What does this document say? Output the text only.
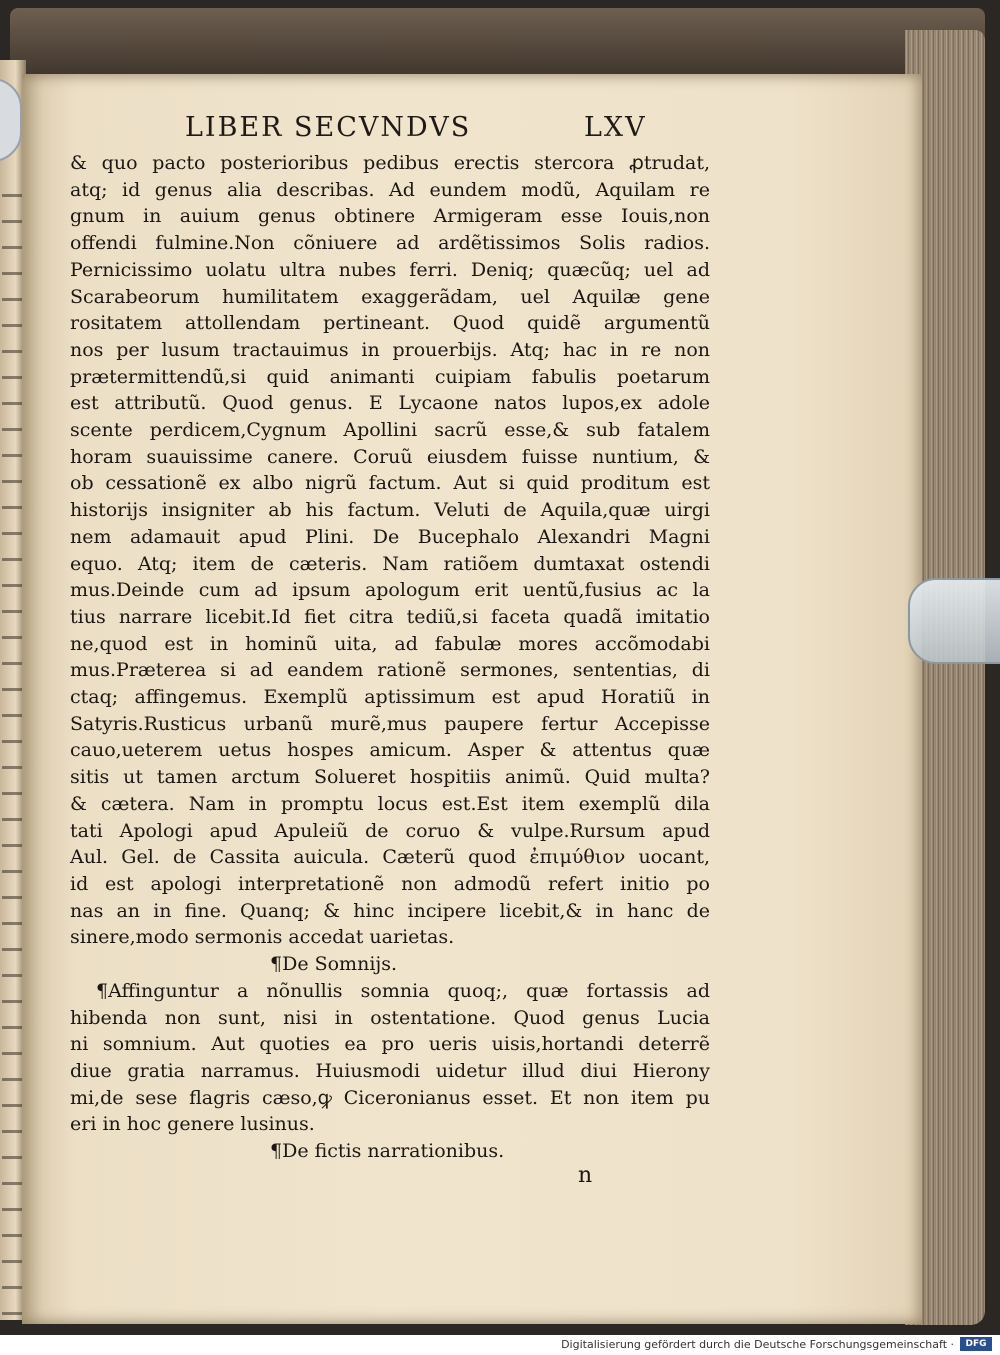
LIBER SECVNDVS	LXV
& quo pacto posterioribus pedibus erectis stercora ꝓtrudat,
atq; id genus alia describas. Ad eundem modũ, Aquilam re
gnum in auium genus obtinere Armigeram esse Iouis,non
offendi fulmine.Non cõniuere ad ardẽtissimos Solis radios.
Pernicissimo uolatu ultra nubes ferri. Deniq; quæcũq; uel ad
Scarabeorum humilitatem exaggerãdam, uel Aquilæ gene
rositatem attollendam pertineant. Quod quidẽ argumentũ
nos per lusum tractauimus in prouerbijs. Atq; hac in re non
prætermittendũ,si quid animanti cuipiam fabulis poetarum
est attributũ. Quod genus. E Lycaone natos lupos,ex adole
scente perdicem,Cygnum Apollini sacrũ esse,& sub fatalem
horam suauissime canere. Coruũ eiusdem fuisse nuntium, &
ob cessationẽ ex albo nigrũ factum. Aut si quid proditum est
historijs insigniter ab his factum. Veluti de Aquila,quæ uirgi
nem adamauit apud Plini. De Bucephalo Alexandri Magni
equo. Atq; item de cæteris. Nam ratiõem dumtaxat ostendi
mus.Deinde cum ad ipsum apologum erit uentũ,fusius ac la
tius narrare licebit.Id fiet citra tediũ,si faceta quadã imitatio
ne,quod est in hominũ uita, ad fabulæ mores accõmodabi
mus.Præterea si ad eandem rationẽ sermones, sententias, di
ctaq; affingemus. Exemplũ aptissimum est apud Horatiũ in
Satyris.Rusticus urbanũ murẽ,mus paupere fertur Accepisse
cauo,ueterem uetus hospes amicum. Asper & attentus quæ
sitis ut tamen arctum Solueret hospitiis animũ. Quid multa?
& cætera. Nam in promptu locus est.Est item exemplũ dila
tati Apologi apud Apuleiũ de coruo & vulpe.Rursum apud
Aul. Gel. de Cassita auicula. Cæterũ quod ἐπιμύθιον uocant,
id est apologi interpretationẽ non admodũ refert initio po
nas an in fine. Quanq; & hinc incipere licebit,& in hanc de
sinere,modo sermonis accedat uarietas.
¶De Somnijs.
¶Affinguntur a nõnullis somnia quoq;, quæ fortassis ad
hibenda non sunt, nisi in ostentatione. Quod genus Lucia
ni somnium. Aut quoties ea pro ueris uisis,hortandi deterrẽ
diue gratia narramus. Huiusmodi uidetur illud diui Hierony
mi,de sese flagris cæso,ꝙ Ciceronianus esset. Et non item pu
eri in hoc genere lusinus.
¶De fictis narrationibus.
n
Digitalisierung gefördert durch die Deutsche Forschungsgemeinschaft ·	DFG
